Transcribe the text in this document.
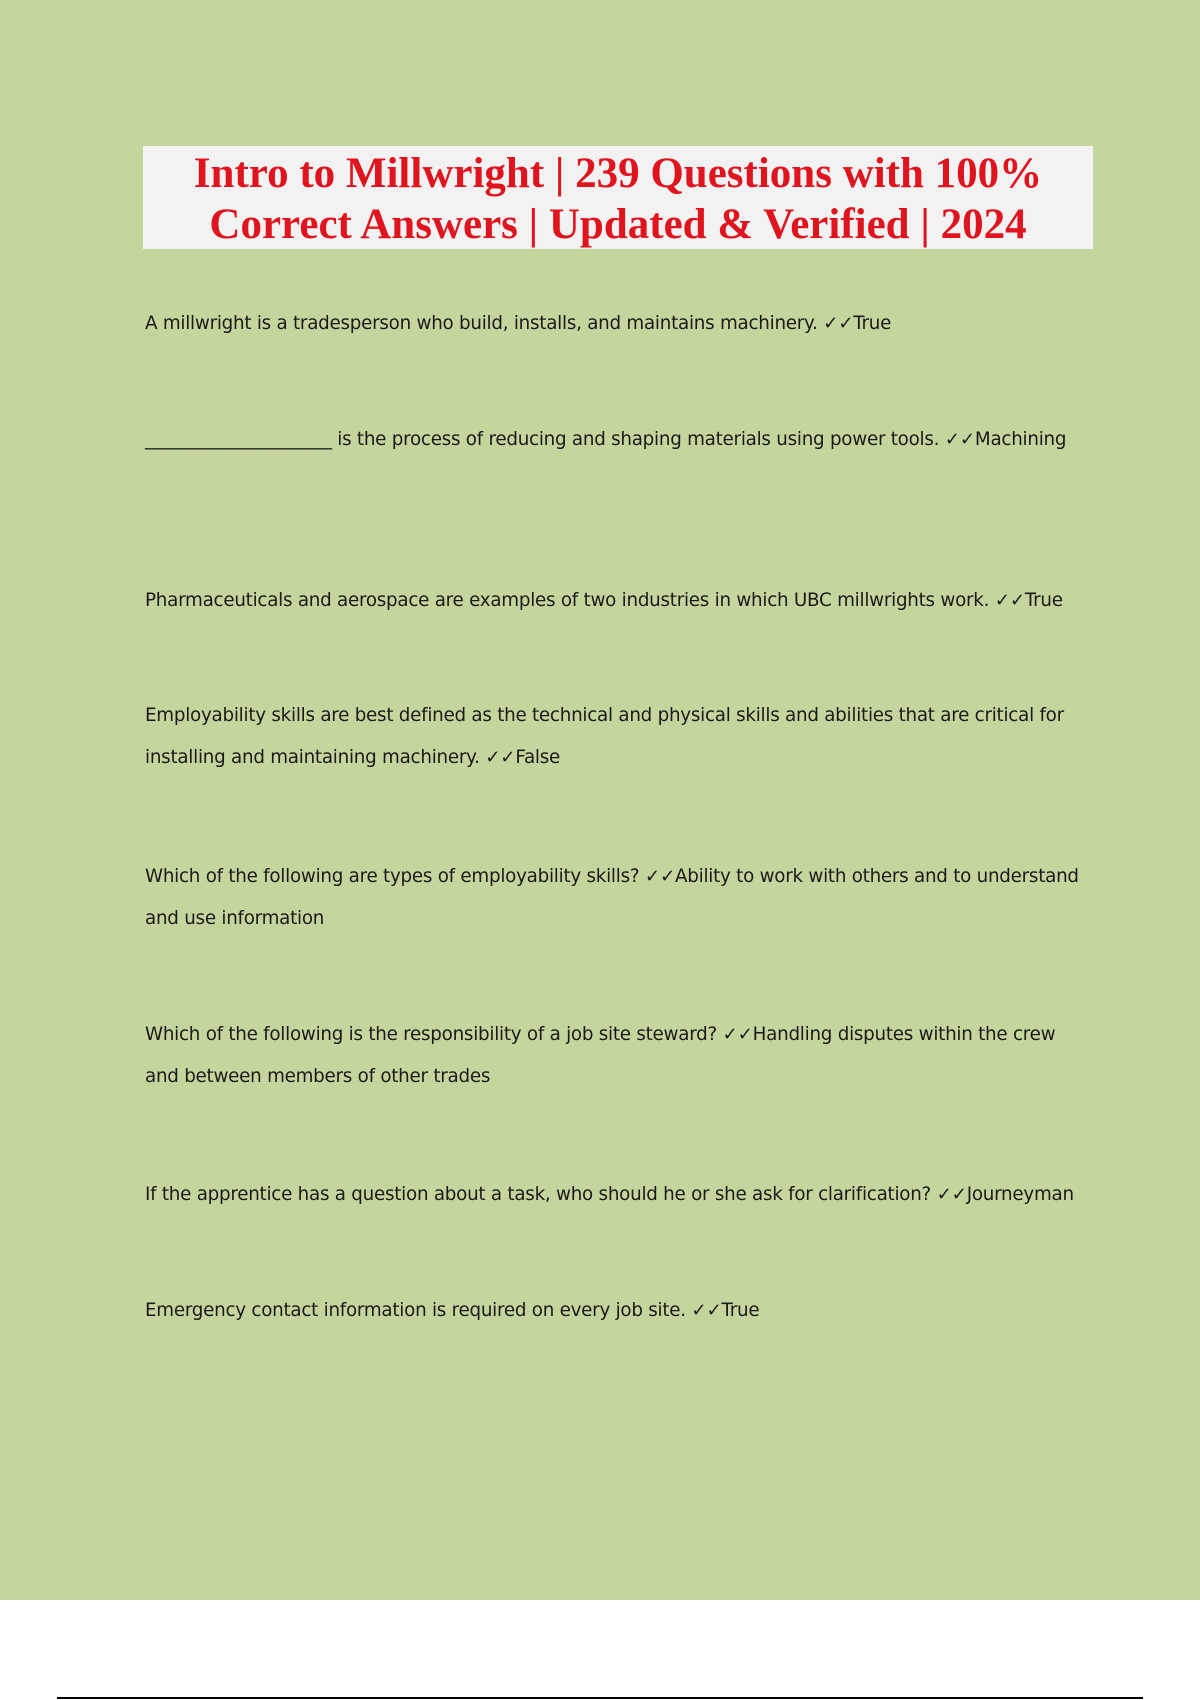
Intro to Millwright | 239 Questions with 100%
Correct Answers | Updated & Verified | 2024

A millwright is a tradesperson who build, installs, and maintains machinery. ✓✓True

_____________________ is the process of reducing and shaping materials using power tools. ✓✓Machining

Pharmaceuticals and aerospace are examples of two industries in which UBC millwrights work. ✓✓True

Employability skills are best defined as the technical and physical skills and abilities that are critical for installing and maintaining machinery. ✓✓False

Which of the following are types of employability skills? ✓✓Ability to work with others and to understand and use information

Which of the following is the responsibility of a job site steward? ✓✓Handling disputes within the crew and between members of other trades

If the apprentice has a question about a task, who should he or she ask for clarification? ✓✓Journeyman

Emergency contact information is required on every job site. ✓✓True
